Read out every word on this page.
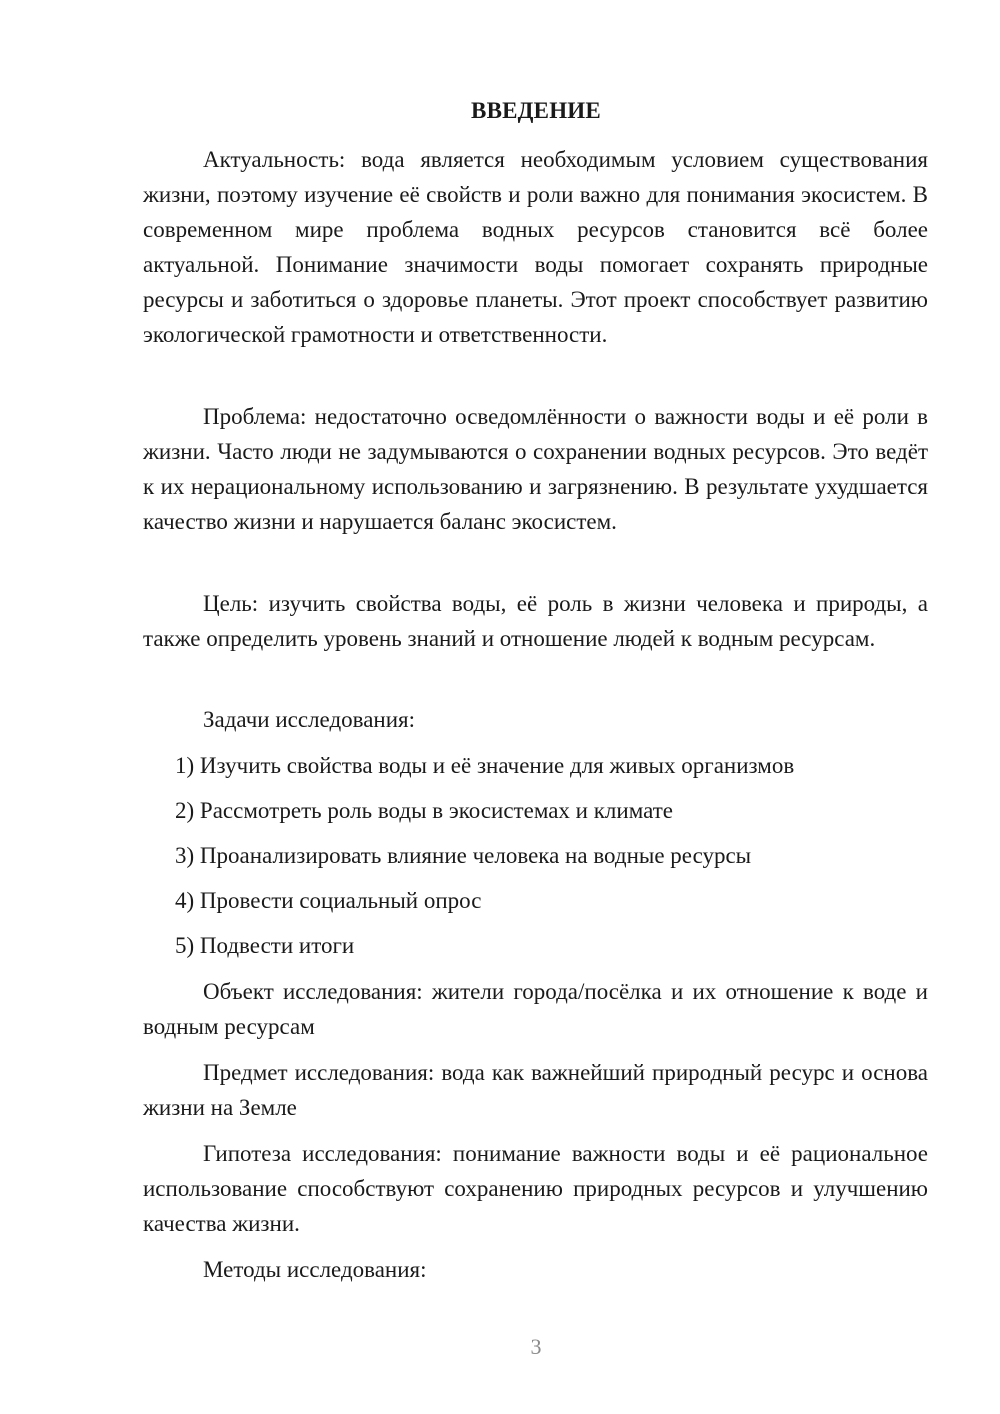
ВВЕДЕНИЕ

Актуальность: вода является необходимым условием существования жизни, поэтому изучение её свойств и роли важно для понимания экосистем. В современном мире проблема водных ресурсов становится всё более актуальной. Понимание значимости воды помогает сохранять природные ресурсы и заботиться о здоровье планеты. Этот проект способствует развитию экологической грамотности и ответственности.

Проблема: недостаточно осведомлённости о важности воды и её роли в жизни. Часто люди не задумываются о сохранении водных ресурсов. Это ведёт к их нерациональному использованию и загрязнению. В результате ухудшается качество жизни и нарушается баланс экосистем.

Цель: изучить свойства воды, её роль в жизни человека и природы, а также определить уровень знаний и отношение людей к водным ресурсам.

Задачи исследования:

1) Изучить свойства воды и её значение для живых организмов

2) Рассмотреть роль воды в экосистемах и климате

3) Проанализировать влияние человека на водные ресурсы

4) Провести социальный опрос

5) Подвести итоги

Объект исследования: жители города/посёлка и их отношение к воде и водным ресурсам

Предмет исследования: вода как важнейший природный ресурс и основа жизни на Земле

Гипотеза исследования: понимание важности воды и её рациональное использование способствуют сохранению природных ресурсов и улучшению качества жизни.

Методы исследования:

3
